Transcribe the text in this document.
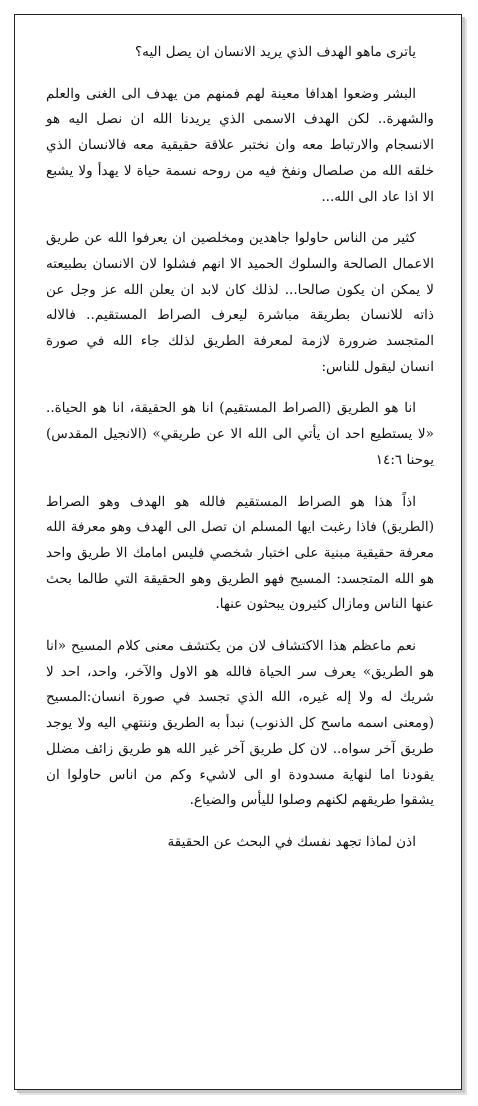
ياترى ماهو الهدف الذي يريد الانسان ان يصل اليه؟

البشر وضعوا اهدافا معينة لهم فمنهم من يهدف الى الغنى والعلم والشهرة.. لكن الهدف الاسمى الذي يريدنا الله ان نصل اليه هو الانسجام والارتباط معه وان نختبر علاقة حقيقية معه فالانسان الذي خلقه الله من صلصال ونفخ فيه من روحه نسمة حياة لا يهدأ ولا يشبع الا اذا عاد الى الله...

كثير من الناس حاولوا جاهدين ومخلصين ان يعرفوا الله عن طريق الاعمال الصالحة والسلوك الحميد الا انهم فشلوا لان الانسان بطبيعته لا يمكن ان يكون صالحا... لذلك كان لابد ان يعلن الله عز وجل عن ذاته للانسان بطريقة مباشرة ليعرف الصراط المستقيم.. فالاله المتجسد ضرورة لازمة لمعرفة الطريق لذلك جاء الله في صورة انسان ليقول للناس:

انا هو الطريق (الصراط المستقيم) انا هو الحقيقة، انا هو الحياة.. «لا يستطيع احد ان يأتي الى الله الا عن طريقي» (الانجيل المقدس) يوحنا ١٤:٦

اذاً هذا هو الصراط المستقيم فالله هو الهدف وهو الصراط (الطريق) فاذا رغبت ايها المسلم ان تصل الى الهدف وهو معرفة الله معرفة حقيقية مبنية على اختبار شخصي فليس امامك الا طريق واحد هو الله المتجسد: المسيح فهو الطريق وهو الحقيقة التي طالما بحث عنها الناس ومازال كثيرون يبحثون عنها.

نعم ماعظم هذا الاكتشاف لان من يكتشف معنى كلام المسيح «انا هو الطريق» يعرف سر الحياة فالله هو الاول والآخر، واحد، احد لا شريك له ولا إله غيره، الله الذي تجسد في صورة انسان:المسيح (ومعنى اسمه ماسح كل الذنوب) نبدأ به الطريق وننتهي اليه ولا يوجد طريق آخر سواه.. لان كل طريق آخر غير الله هو طريق زائف مضلل يقودنا اما لنهاية مسدودة او الى لاشيء وكم من اناس حاولوا ان يشقوا طريقهم لكنهم وصلوا لليأس والضياع.

اذن لماذا تجهد نفسك في البحث عن الحقيقة
